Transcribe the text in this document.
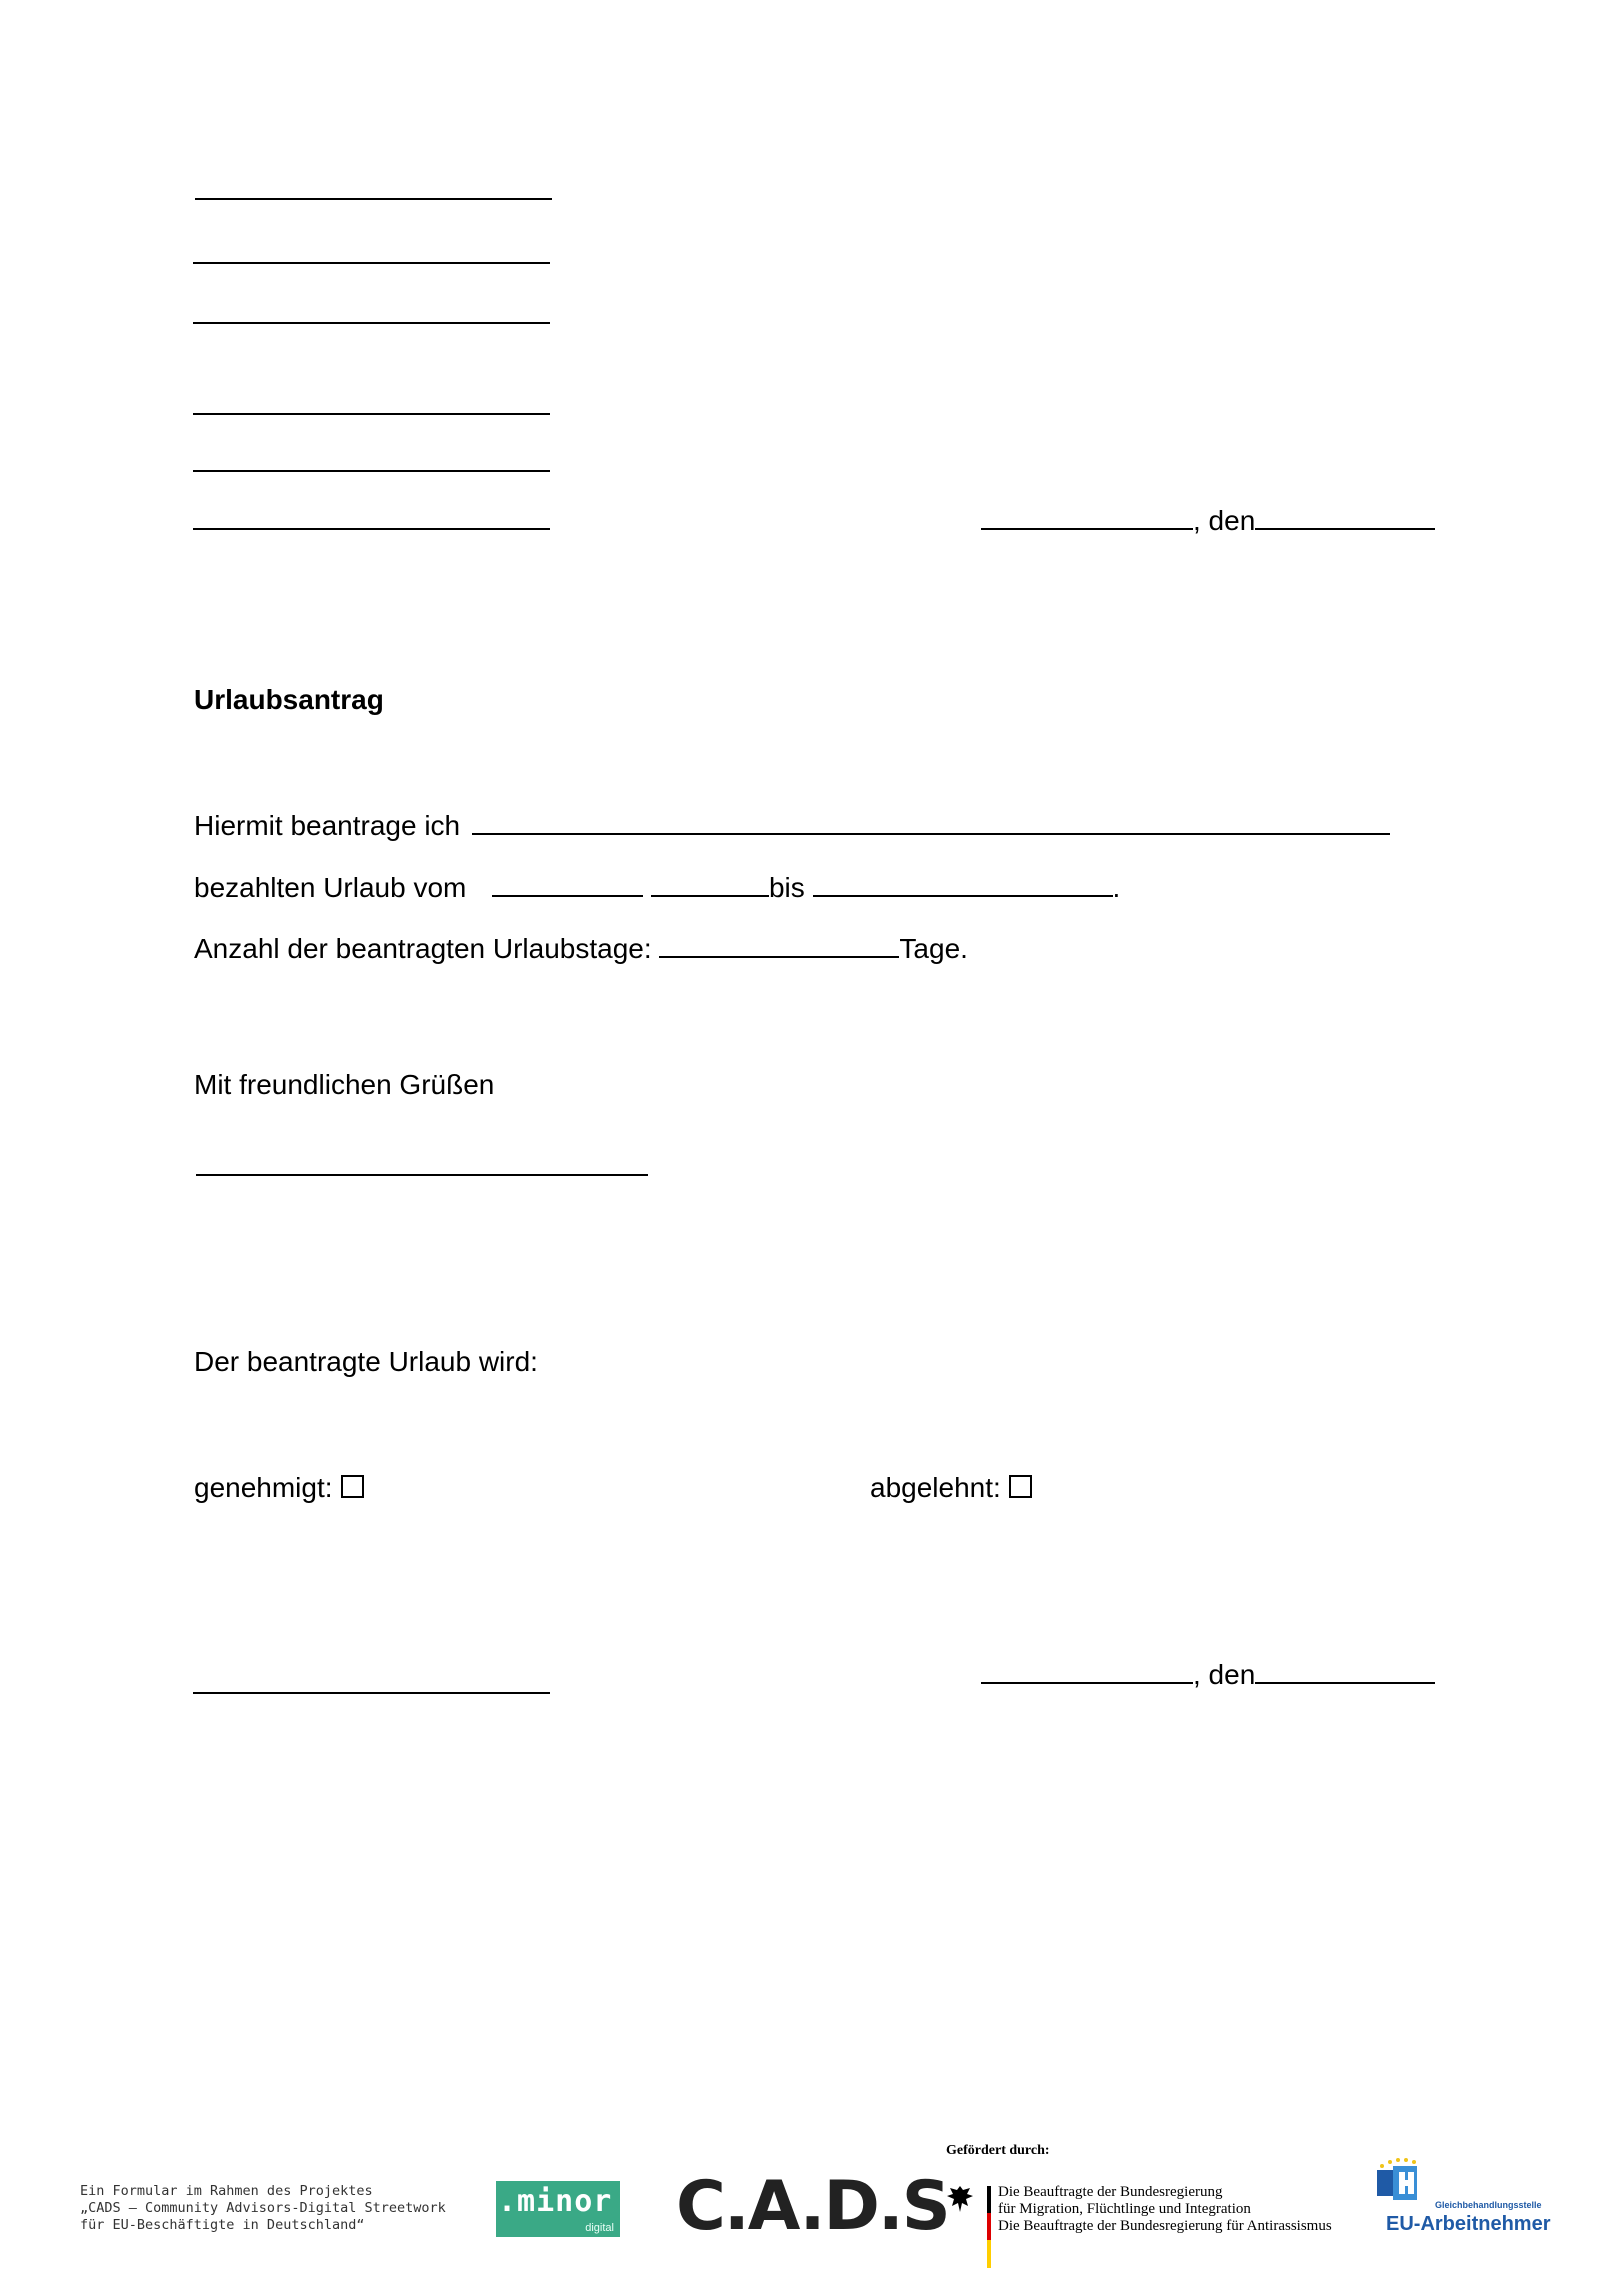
, den
Urlaubsantrag
Hiermit beantrage ich
bezahlten Urlaub vom	bis	.
Anzahl der beantragten Urlaubstage:	Tage.
Mit freundlichen Grüßen
Der beantragte Urlaub wird:
genehmigt:	abgelehnt:
, den
Ein Formular im Rahmen des Projektes
„CADS – Community Advisors-Digital Streetwork
für EU-Beschäftigte in Deutschland“
.minor
digital C.A.D.S
Gefördert durch:
Die Beauftragte der Bundesregierung
für Migration, Flüchtlinge und Integration
Die Beauftragte der Bundesregierung für Antirassismus
Gleichbehandlungsstelle
EU-Arbeitnehmer
